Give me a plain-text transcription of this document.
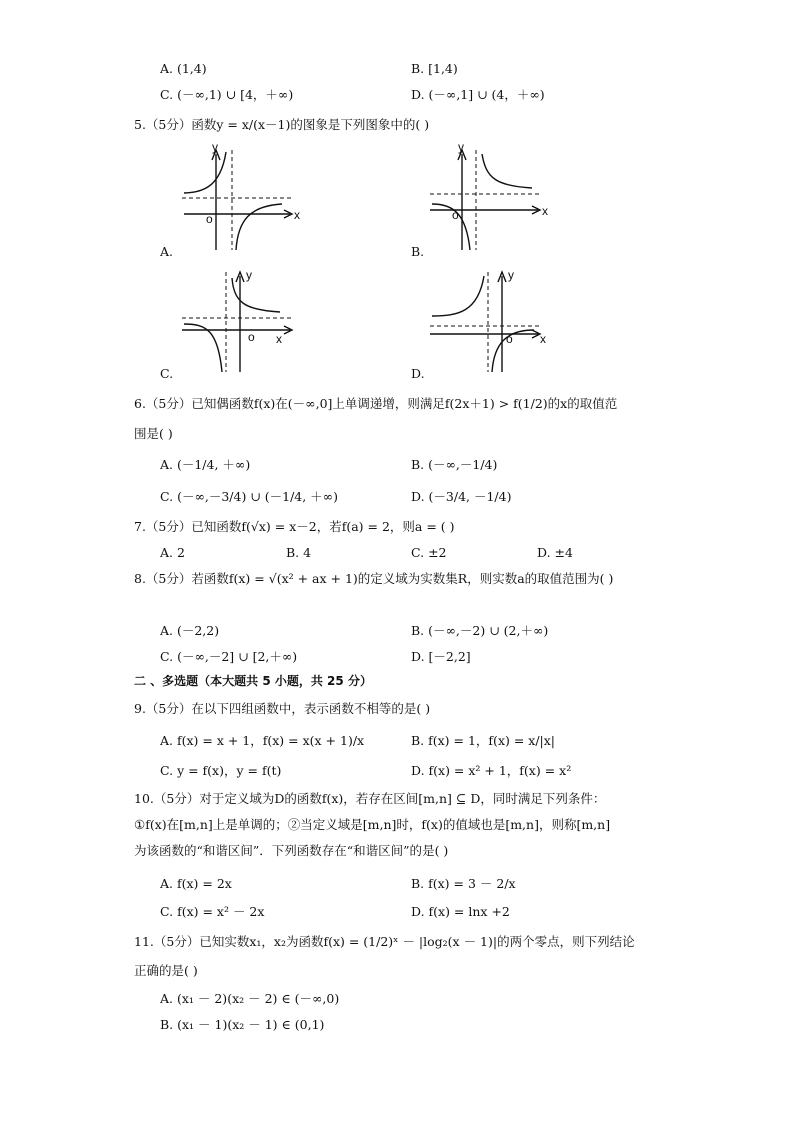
A. (1,4)	B. [1,4)
C. (－∞,1) ∪ [4，＋∞)	D. (－∞,1] ∪ (4，＋∞)
5.（5分）函数y = x/(x－1)的图象是下列图象中的( )
y
x
o
A.
y
x
o
B.
y
x
o
C.
y
x
o
D.
6.（5分）已知偶函数f(x)在(－∞,0]上单调递增，则满足f(2x＋1) > f(1/2)的x的取值范
围是( )
A. (－1/4, ＋∞)	B. (－∞,－1/4)
C. (－∞,－3/4) ∪ (－1/4, ＋∞)	D. (－3/4, －1/4)
7.（5分）已知函数f(√x) = x－2，若f(a) = 2，则a = ( )
A. 2	B. 4	C. ±2	D. ±4
8.（5分）若函数f(x) = √(x² + ax + 1)的定义域为实数集R，则实数a的取值范围为( )
A. (－2,2)	B. (－∞,－2) ∪ (2,＋∞)
C. (－∞,－2] ∪ [2,＋∞)	D. [－2,2]
二 、多选题（本大题共 5 小题，共 25 分）
9.（5分）在以下四组函数中，表示函数不相等的是( )
A. f(x) = x + 1，f(x) = x(x + 1)/x	B. f(x) = 1，f(x) = x/|x|
C. y = f(x)，y = f(t)	D. f(x) = x² + 1，f(x) = x²
10.（5分）对于定义域为D的函数f(x)，若存在区间[m,n] ⊆ D，同时满足下列条件：
①f(x)在[m,n]上是单调的；②当定义域是[m,n]时，f(x)的值域也是[m,n]，则称[m,n]
为该函数的“和谐区间”．下列函数存在“和谐区间”的是( )
A. f(x) = 2x	B. f(x) = 3 － 2/x
C. f(x) = x² － 2x	D. f(x) = lnx +2
11.（5分）已知实数x₁，x₂为函数f(x) = (1/2)ˣ － |log₂(x － 1)|的两个零点，则下列结论
正确的是( )
A. (x₁ － 2)(x₂ － 2) ∈ (－∞,0)
B. (x₁ － 1)(x₂ － 1) ∈ (0,1)
